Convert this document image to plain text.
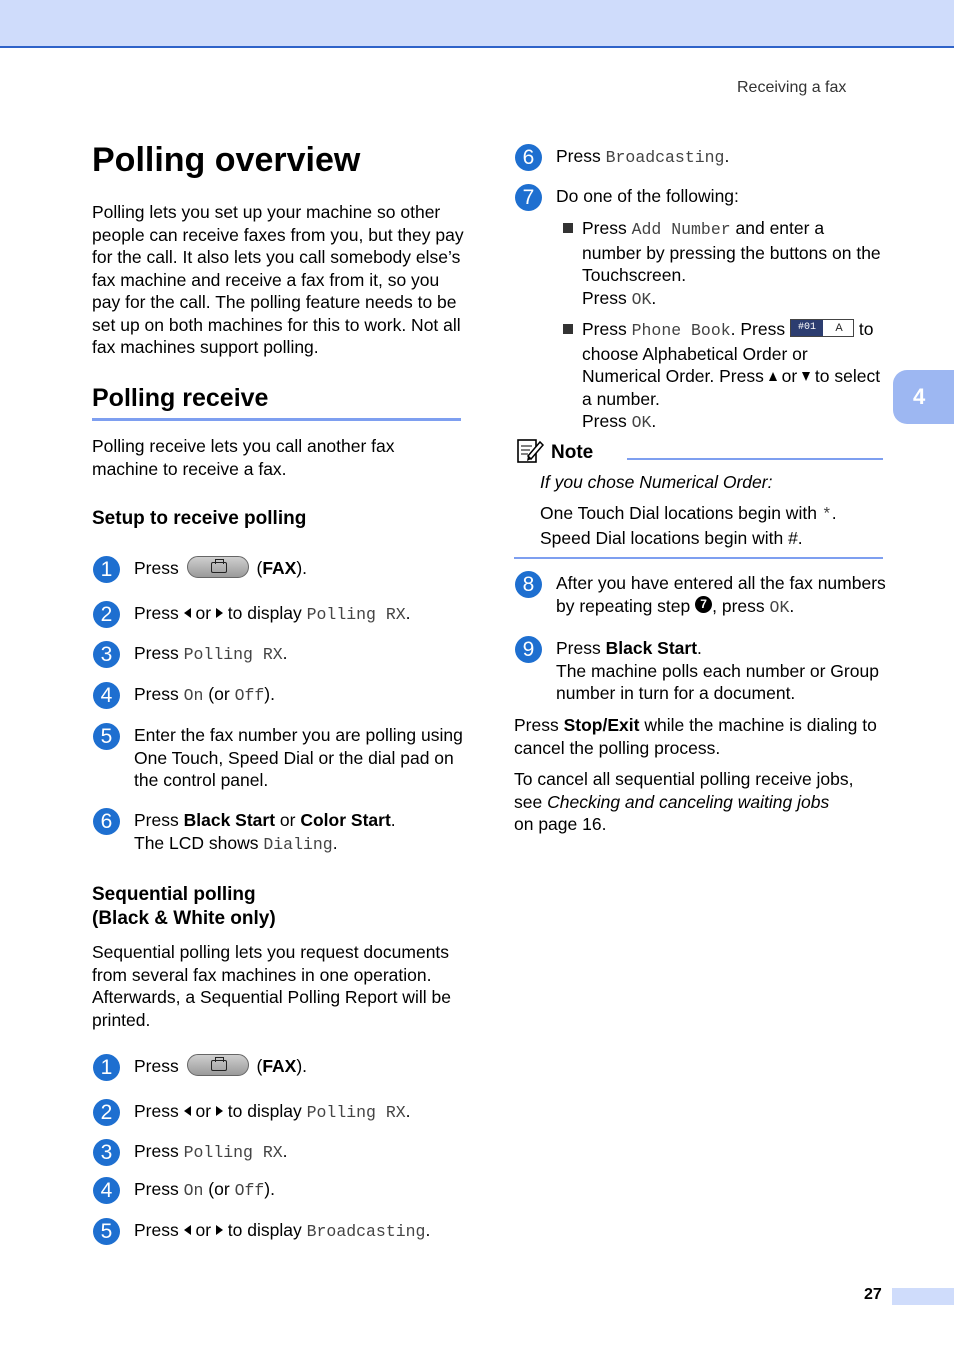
Receiving a fax
4
Polling overview
Polling lets you set up your machine so other people can receive faxes from you, but they pay for the call. It also lets you call somebody else’s fax machine and receive a fax from it, so you pay for the call. The polling feature needs to be set up on both machines for this to work. Not all fax machines support polling.
Polling receive
Polling receive lets you call another fax machine to receive a fax.
Setup to receive polling
1	Press	(FAX).
2	Press or to display Polling RX.
3	Press Polling RX.
4	Press On (or Off).
5	Enter the fax number you are polling using One Touch, Speed Dial or the dial pad on the control panel.
6	Press Black Start or Color Start.
The LCD shows Dialing.
Sequential polling
(Black & White only)
Sequential polling lets you request documents from several fax machines in one operation. Afterwards, a Sequential Polling Report will be printed.
1	Press	(FAX).
2	Press or to display Polling RX.
3	Press Polling RX.
4	Press On (or Off).
5	Press or to display Broadcasting.
6	Press Broadcasting.
7	Do one of the following:
Press Add Number and enter a number by pressing the buttons on the Touchscreen.
Press OK.
Press Phone Book. Press	#01	A to choose Alphabetical Order or Numerical Order. Press or to select a number.
Press OK.
Note
If you chose Numerical Order:
One Touch Dial locations begin with *.
Speed Dial locations begin with #.
8	After you have entered all the fax numbers by repeating step 7 , press OK.
9	Press Black Start.
The machine polls each number or Group number in turn for a document.
Press Stop/Exit while the machine is dialing to cancel the polling process.
To cancel all sequential polling receive jobs, see Checking and canceling waiting jobs
on page 16.
27
